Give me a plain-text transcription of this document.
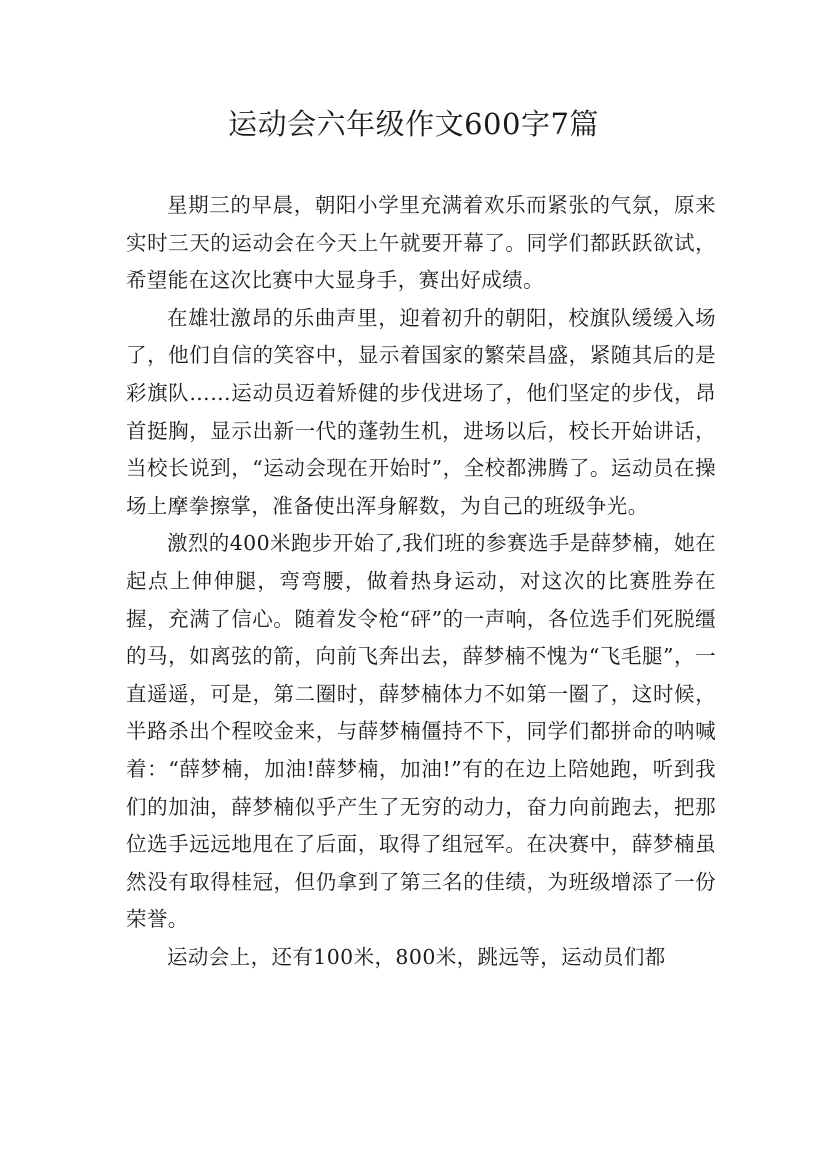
运动会六年级作文600字7篇

星期三的早晨，朝阳小学里充满着欢乐而紧张的气氛，原来实时三天的运动会在今天上午就要开幕了。同学们都跃跃欲试，希望能在这次比赛中大显身手，赛出好成绩。

在雄壮激昂的乐曲声里，迎着初升的朝阳，校旗队缓缓入场了，他们自信的笑容中，显示着国家的繁荣昌盛，紧随其后的是彩旗队……运动员迈着矫健的步伐进场了，他们坚定的步伐，昂首挺胸，显示出新一代的蓬勃生机，进场以后，校长开始讲话，当校长说到，“运动会现在开始时”，全校都沸腾了。运动员在操场上摩拳擦掌，准备使出浑身解数，为自己的班级争光。

激烈的400米跑步开始了,我们班的参赛选手是薛梦楠，她在起点上伸伸腿，弯弯腰，做着热身运动，对这次的比赛胜券在握，充满了信心。随着发令枪“砰”的一声响，各位选手们死脱缰的马，如离弦的箭，向前飞奔出去，薛梦楠不愧为“飞毛腿”，一直遥遥，可是，第二圈时，薛梦楠体力不如第一圈了，这时候，半路杀出个程咬金来，与薛梦楠僵持不下，同学们都拼命的呐喊着：“薛梦楠，加油!薛梦楠，加油!”有的在边上陪她跑，听到我们的加油，薛梦楠似乎产生了无穷的动力，奋力向前跑去，把那位选手远远地甩在了后面，取得了组冠军。在决赛中，薛梦楠虽然没有取得桂冠，但仍拿到了第三名的佳绩，为班级增添了一份荣誉。

运动会上，还有100米，800米，跳远等，运动员们都
